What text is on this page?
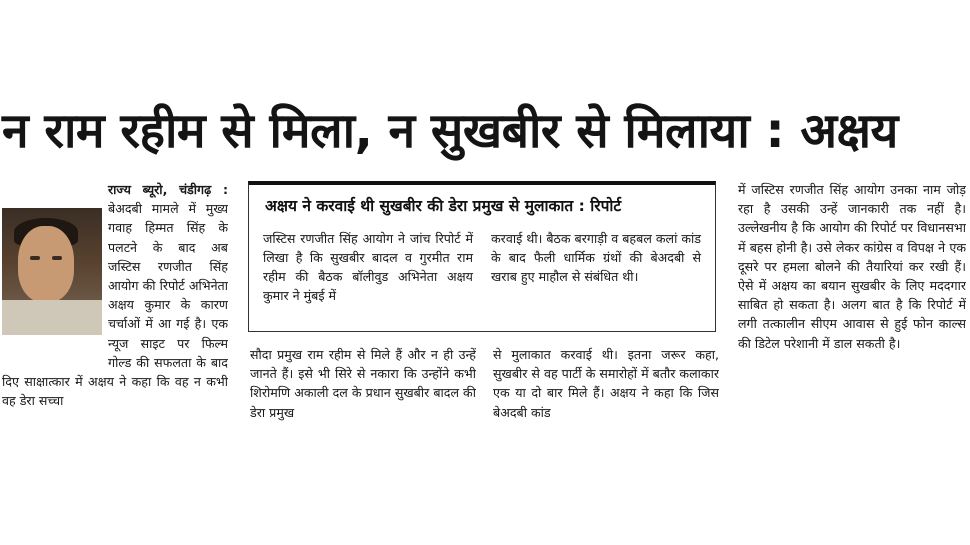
न राम रहीम से मिला, न सुखबीर से मिलाया : अक्षय

राज्य ब्यूरो, चंडीगढ़ : बेअदबी मामले में मुख्य गवाह हिम्मत सिंह के पलटने के बाद अब जस्टिस रणजीत सिंह आयोग की रिपोर्ट अभिनेता अक्षय कुमार के कारण चर्चाओं में आ गई है। एक न्यूज साइट पर फिल्म गोल्ड की सफलता के बाद दिए साक्षात्कार में अक्षय ने कहा कि वह न कभी वह डेरा सच्चा

अक्षय ने करवाई थी सुखबीर की डेरा प्रमुख से मुलाकात : रिपोर्ट
जस्टिस रणजीत सिंह आयोग ने जांच रिपोर्ट में लिखा है कि सुखबीर बादल व गुरमीत राम रहीम की बैठक बॉलीवुड अभिनेता अक्षय कुमार ने मुंबई में
करवाई थी। बैठक बरगाड़ी व बहबल कलां कांड के बाद फैली धार्मिक ग्रंथों की बेअदबी से खराब हुए माहौल से संबंधित थी।
सौदा प्रमुख राम रहीम से मिले हैं और न ही उन्हें जानते हैं। इसे भी सिरे से नकारा कि उन्होंने कभी शिरोमणि अकाली दल के प्रधान सुखबीर बादल की डेरा प्रमुख
से मुलाकात करवाई थी। इतना जरूर कहा, सुखबीर से वह पार्टी के समारोहों में बतौर कलाकार एक या दो बार मिले हैं। अक्षय ने कहा कि जिस बेअदबी कांड
में जस्टिस रणजीत सिंह आयोग उनका नाम जोड़ रहा है उसकी उन्हें जानकारी तक नहीं है। उल्लेखनीय है कि आयोग की रिपोर्ट पर विधानसभा में बहस होनी है। उसे लेकर कांग्रेस व विपक्ष ने एक दूसरे पर हमला बोलने की तैयारियां कर रखी हैं। ऐसे में अक्षय का बयान सुखबीर के लिए मददगार साबित हो सकता है। अलग बात है कि रिपोर्ट में लगी तत्कालीन सीएम आवास से हुई फोन काल्स की डिटेल परेशानी में डाल सकती है।
